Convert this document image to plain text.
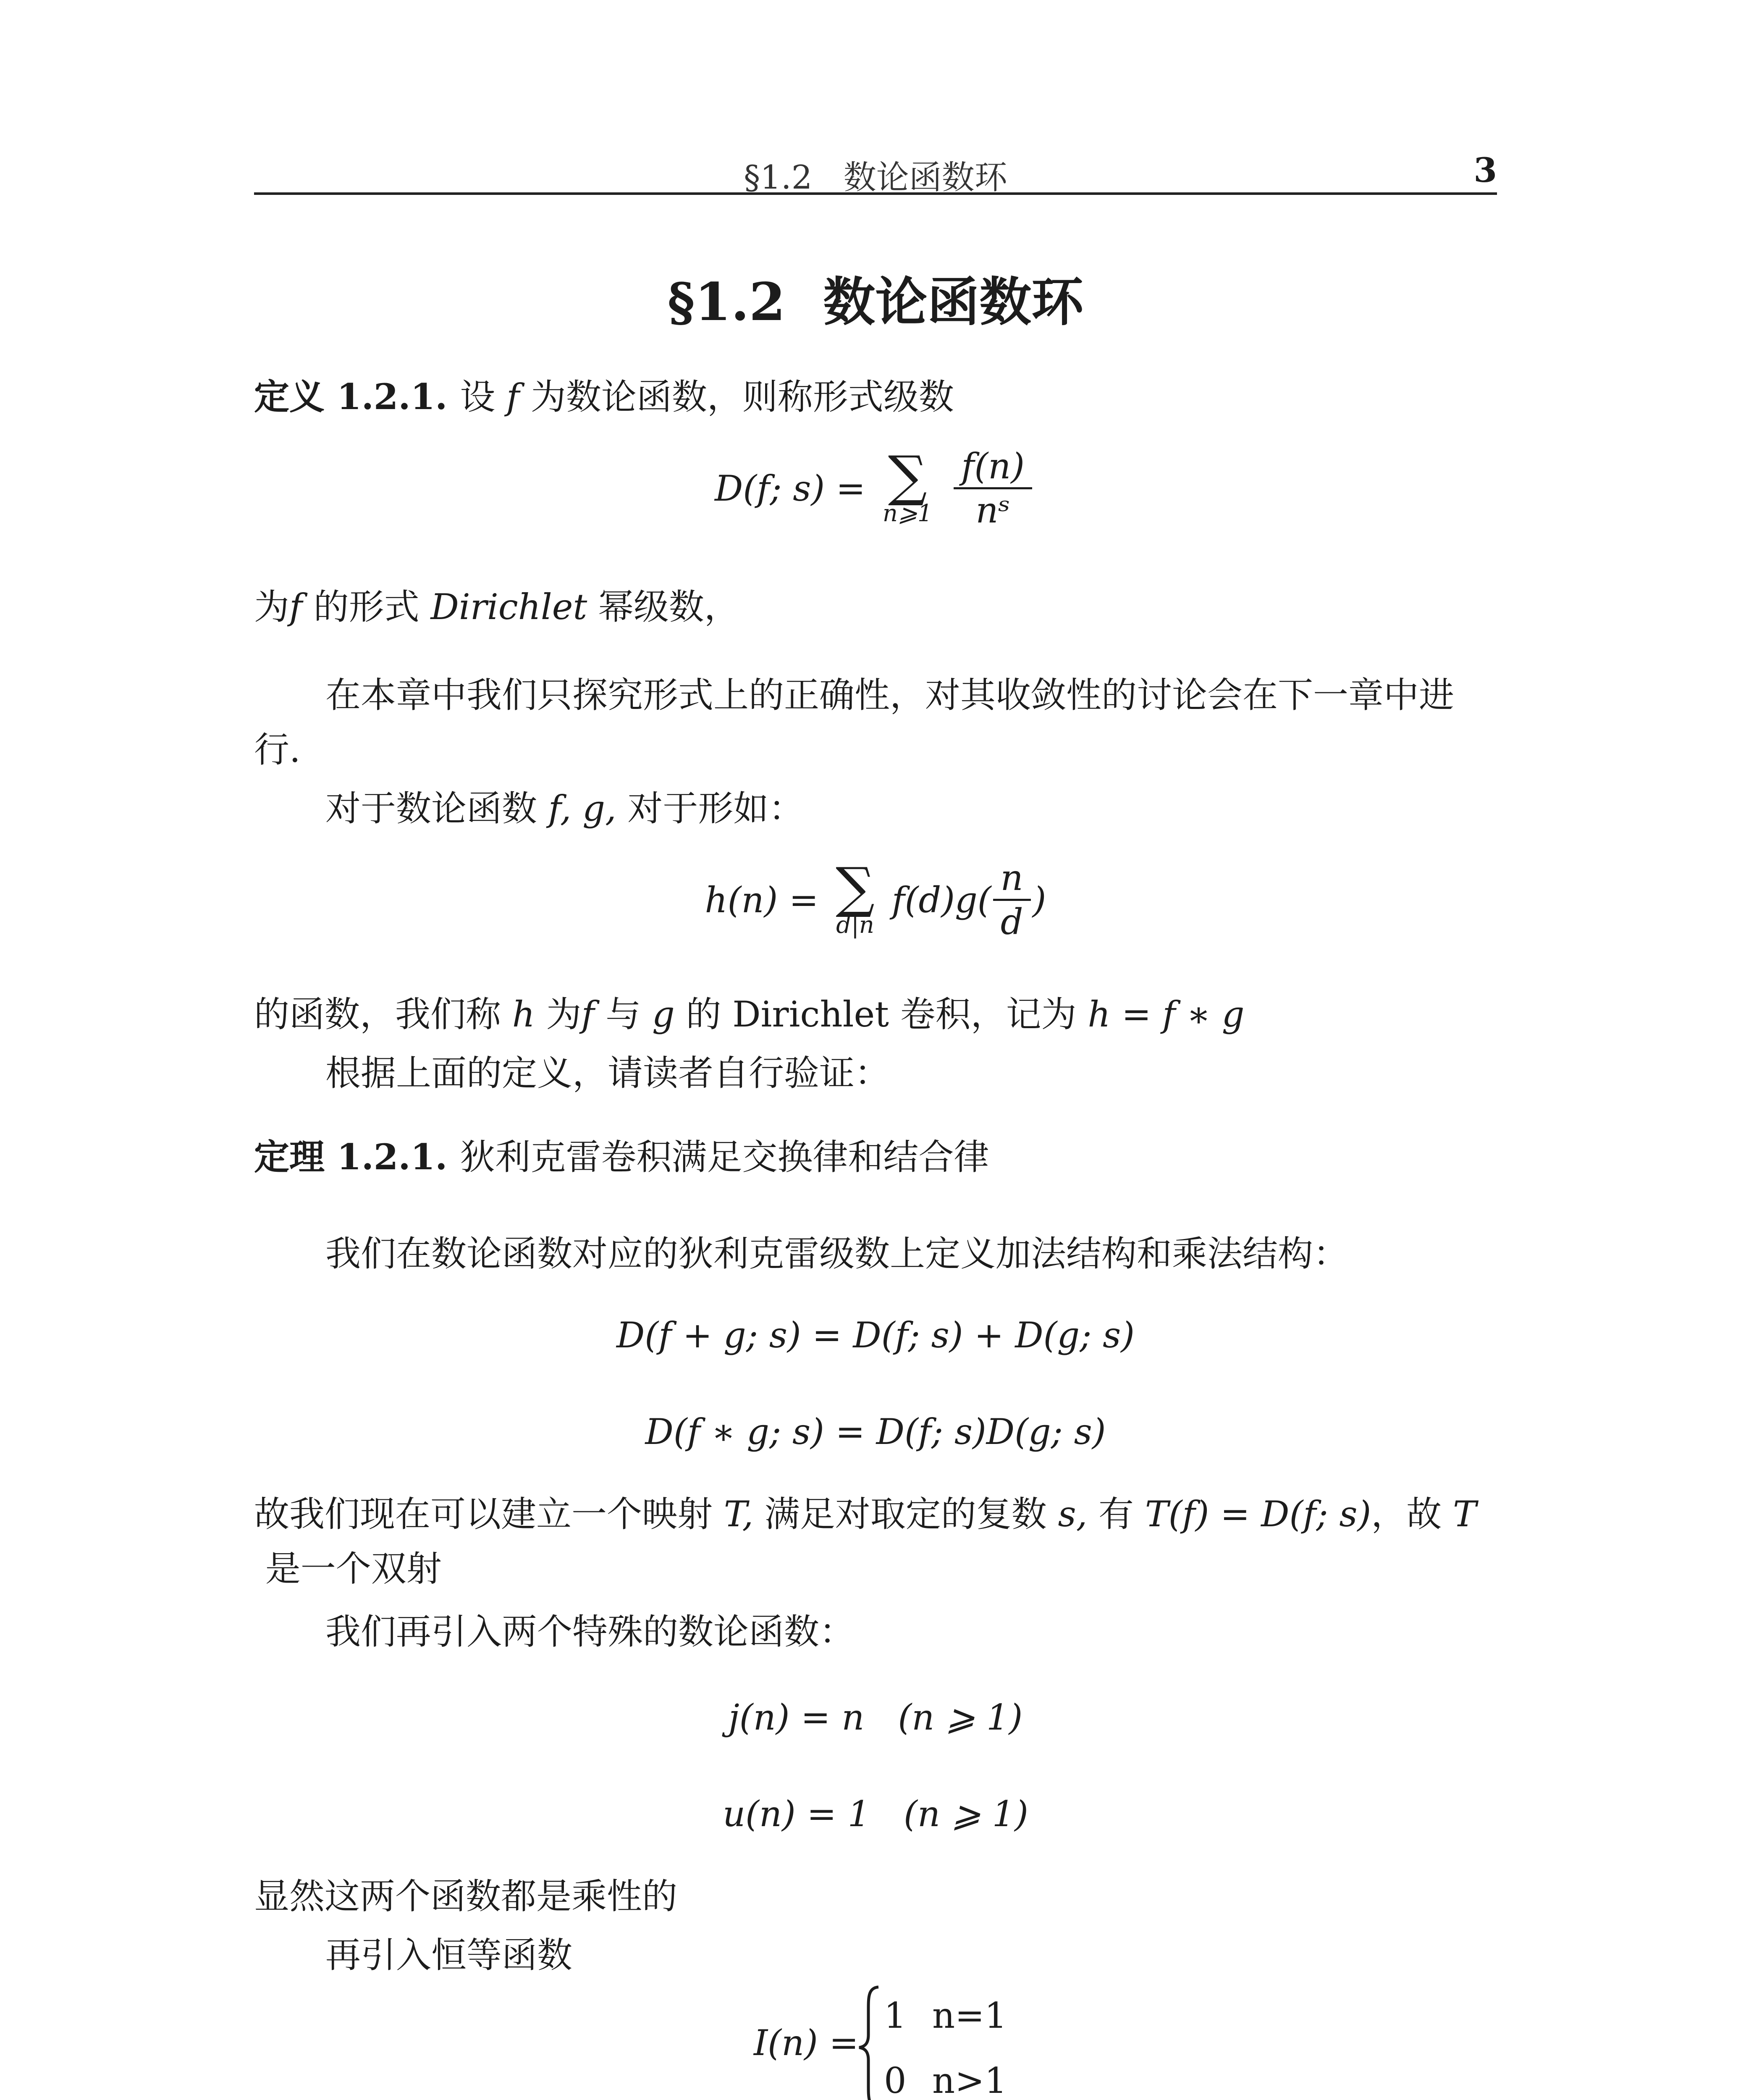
§1.2   数论函数环	3
§1.2 数论函数环
定义 1.2.1. 设 f 为数论函数，则称形式级数
D(f; s) = ∑
n⩾1
$\frac{f(n)}{\text{nˢ}}$
为f 的形式 Dirichlet 幂级数，
在本章中我们只探究形式上的正确性，对其收敛性的讨论会在下一章中进行.
对于数论函数 f, g, 对于形如：
h(n) = ∑
d|n
$f(d)g( \frac{n}{d}$ )
的函数，我们称 h 为f 与 g 的 Dirichlet 卷积，记为 h = f ∗ g
根据上面的定义，请读者自行验证：
定理 1.2.1. 狄利克雷卷积满足交换律和结合律
我们在数论函数对应的狄利克雷级数上定义加法结构和乘法结构：
D(f + g; s) = D(f; s) + D(g; s)
D(f ∗ g; s) = D(f; s)D(g; s)
故我们现在可以建立一个映射 T, 满足对取定的复数 s, 有 T(f) = D(f; s)，故 T 是一个双射
我们再引入两个特殊的数论函数：
j(n) = n (n ⩾ 1)
u(n) = 1 (n ⩾ 1)
显然这两个函数都是乘性的
再引入恒等函数
I(n) =
1 n=1
0 n>1
